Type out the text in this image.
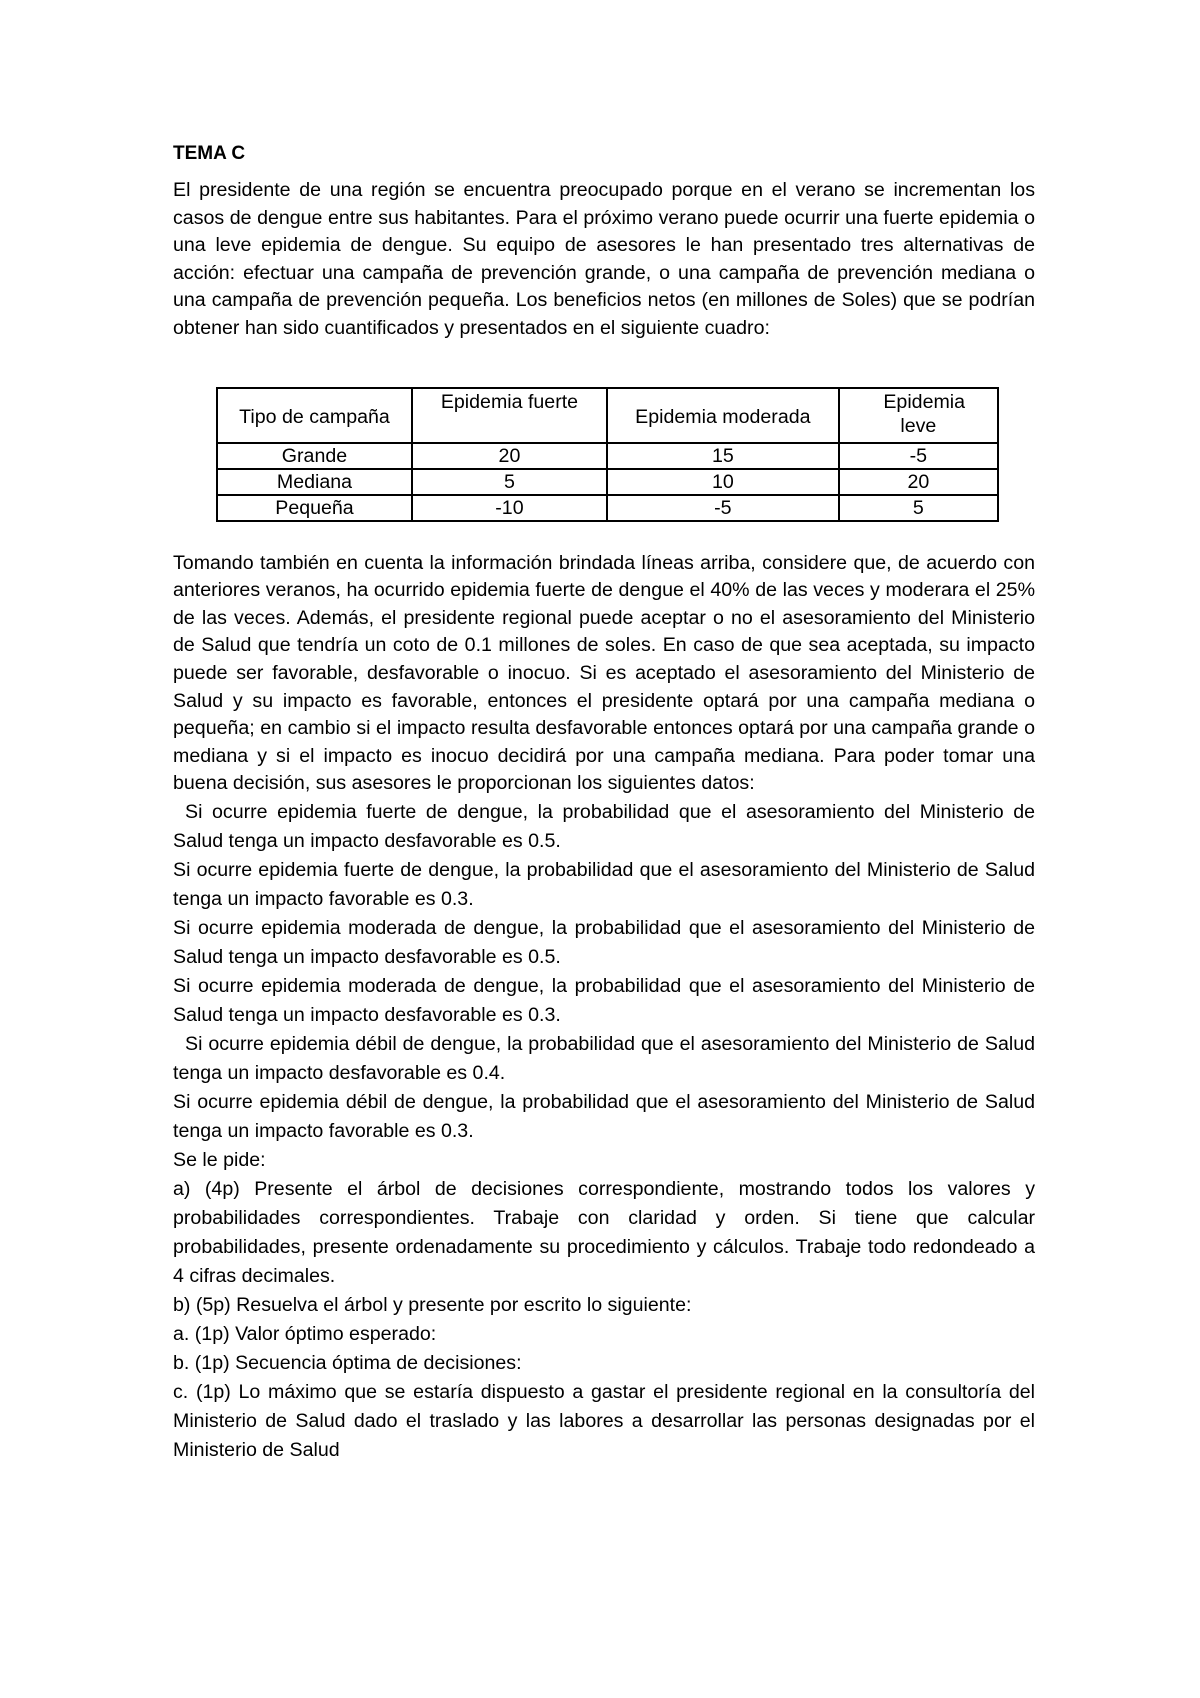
TEMA C

El presidente de una región se encuentra preocupado porque en el verano se incrementan los casos de dengue entre sus habitantes. Para el próximo verano puede ocurrir una fuerte epidemia o una leve epidemia de dengue. Su equipo de asesores le han presentado tres alternativas de acción: efectuar una campaña de prevención grande, o una campaña de prevención mediana o una campaña de prevención pequeña. Los beneficios netos (en millones de Soles) que se podrían obtener han sido cuantificados y presentados en el siguiente cuadro:

Tipo de campaña	Epidemia fuerte	Epidemia moderada	Epidemia leve
Grande	20	15	-5
Mediana	5	10	20
Pequeña	-10	-5	5

Tomando también en cuenta la información brindada líneas arriba, considere que, de acuerdo con anteriores veranos, ha ocurrido epidemia fuerte de dengue el 40% de las veces y moderara el 25% de las veces. Además, el presidente regional puede aceptar o no el asesoramiento del Ministerio de Salud que tendría un coto de 0.1 millones de soles. En caso de que sea aceptada, su impacto puede ser favorable, desfavorable o inocuo. Si es aceptado el asesoramiento del Ministerio de Salud y su impacto es favorable, entonces el presidente optará por una campaña mediana o pequeña; en cambio si el impacto resulta desfavorable entonces optará por una campaña grande o mediana y si el impacto es inocuo decidirá por una campaña mediana. Para poder tomar una buena decisión, sus asesores le proporcionan los siguientes datos:

Si ocurre epidemia fuerte de dengue, la probabilidad que el asesoramiento del Ministerio de Salud tenga un impacto desfavorable es 0.5.

Si ocurre epidemia fuerte de dengue, la probabilidad que el asesoramiento del Ministerio de Salud tenga un impacto favorable es 0.3.

Si ocurre epidemia moderada de dengue, la probabilidad que el asesoramiento del Ministerio de Salud tenga un impacto desfavorable es 0.5.

Si ocurre epidemia moderada de dengue, la probabilidad que el asesoramiento del Ministerio de Salud tenga un impacto desfavorable es 0.3.

Si ocurre epidemia débil de dengue, la probabilidad que el asesoramiento del Ministerio de Salud tenga un impacto desfavorable es 0.4.

Si ocurre epidemia débil de dengue, la probabilidad que el asesoramiento del Ministerio de Salud tenga un impacto favorable es 0.3.

Se le pide:

a) (4p) Presente el árbol de decisiones correspondiente, mostrando todos los valores y probabilidades correspondientes. Trabaje con claridad y orden. Si tiene que calcular probabilidades, presente ordenadamente su procedimiento y cálculos. Trabaje todo redondeado a 4 cifras decimales.

b) (5p) Resuelva el árbol y presente por escrito lo siguiente:

a. (1p) Valor óptimo esperado:

b. (1p) Secuencia óptima de decisiones:

c. (1p) Lo máximo que se estaría dispuesto a gastar el presidente regional en la consultoría del Ministerio de Salud dado el traslado y las labores a desarrollar las personas designadas por el Ministerio de Salud
